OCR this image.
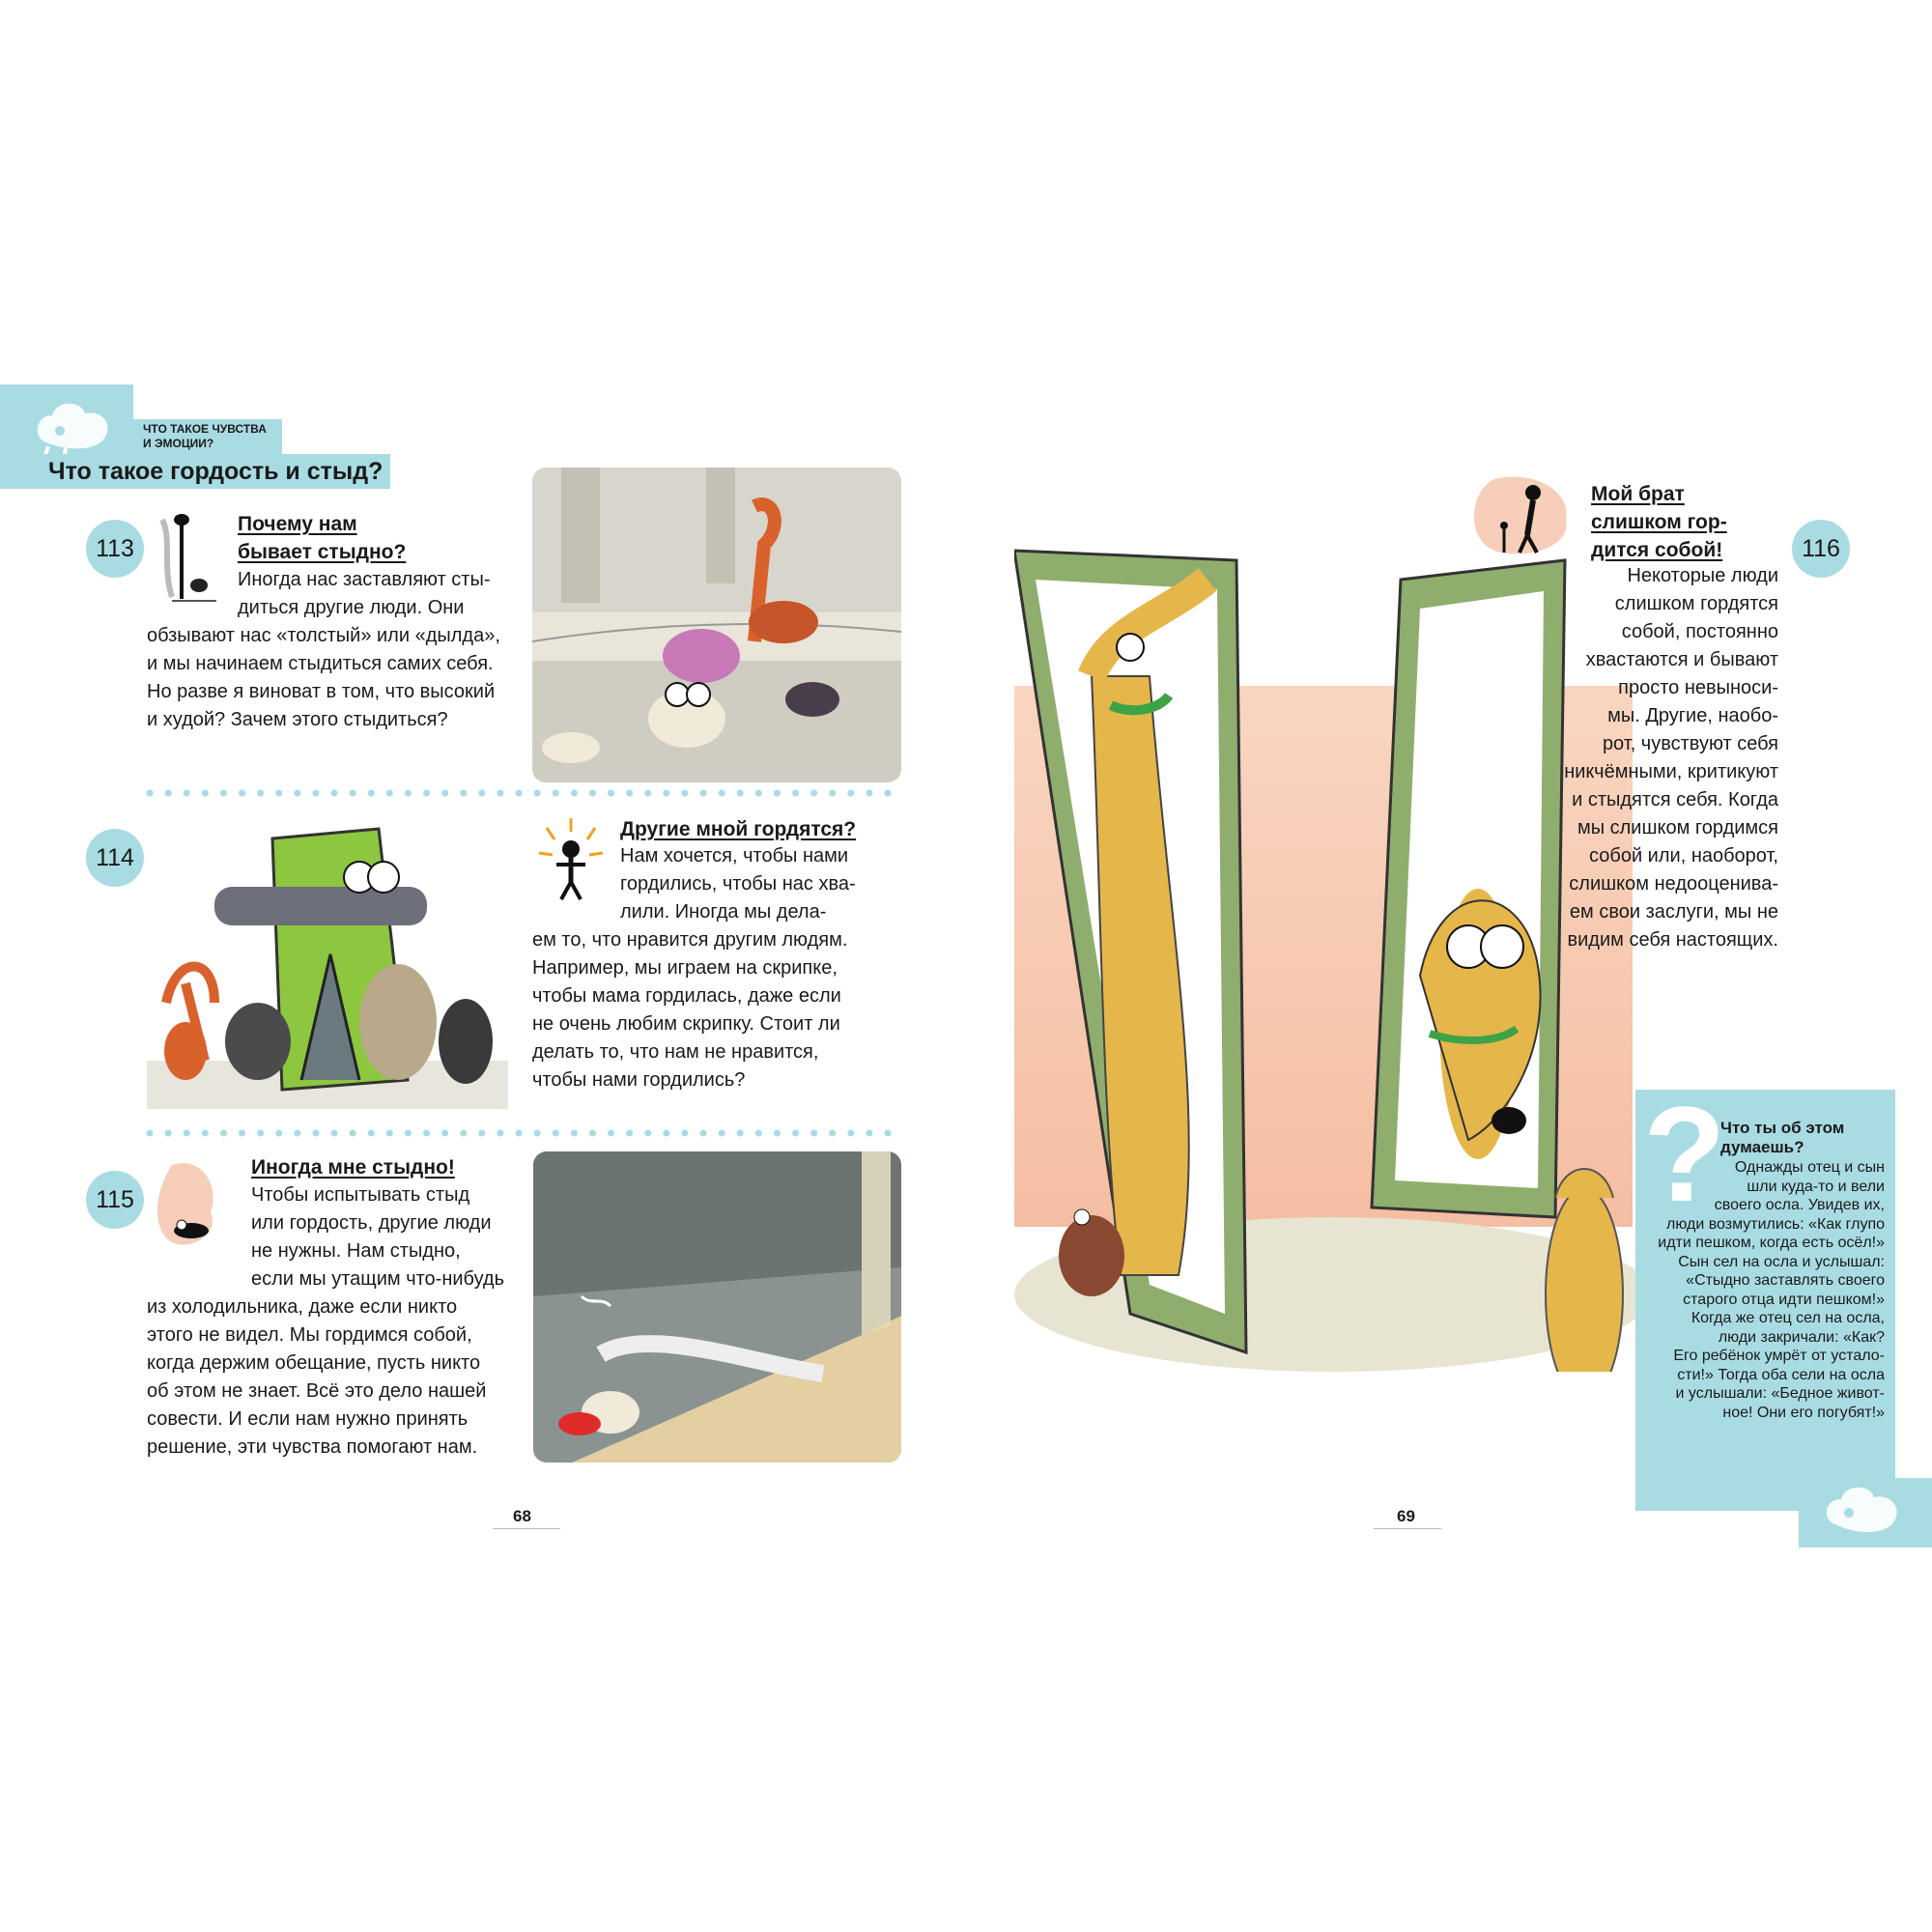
ЧТО ТАКОЕ ЧУВСТВА
И ЭМОЦИИ?
Что такое гордость и стыд?
113
Почему нам
бывает стыдно?
Иногда нас заставляют сты-
диться другие люди. Они
обзывают нас «толстый» или «дылда»,
и мы начинаем стыдиться самих себя.
Но разве я виноват в том, что высокий
и худой? Зачем этого стыдиться?
114
Другие мной гордятся?
Нам хочется, чтобы нами
гордились, чтобы нас хва-
лили. Иногда мы дела-
ем то, что нравится другим людям.
Например, мы играем на скрипке,
чтобы мама гордилась, даже если
не очень любим скрипку. Стоит ли
делать то, что нам не нравится,
чтобы нами гордились?
115
Иногда мне стыдно!
Чтобы испытывать стыд
или гордость, другие люди
не нужны. Нам стыдно,
если мы утащим что-нибудь
из холодильника, даже если никто
этого не видел. Мы гордимся собой,
когда держим обещание, пусть никто
об этом не знает. Всё это дело нашей
совести. И если нам нужно принять
решение, эти чувства помогают нам.
68
116
Мой брат
слишком гор-
дится собой!
Некоторые люди
слишком гордятся
собой, постоянно
хвастаются и бывают
просто невыноси-
мы. Другие, наобо-
рот, чувствуют себя
никчёмными, критикуют
и стыдятся себя. Когда
мы слишком гордимся
собой или, наоборот,
слишком недооценива-
ем свои заслуги, мы не
видим себя настоящих.
?
Что ты об этом
думаешь?
Однажды отец и сын
шли куда-то и вели
своего осла. Увидев их,
люди возмутились: «Как глупо
идти пешком, когда есть осёл!»
Сын сел на осла и услышал:
«Стыдно заставлять своего
старого отца идти пешком!»
Когда же отец сел на осла,
люди закричали: «Как?
Его ребёнок умрёт от устало-
сти!» Тогда оба сели на осла
и услышали: «Бедное живот-
ное! Они его погубят!»
69
